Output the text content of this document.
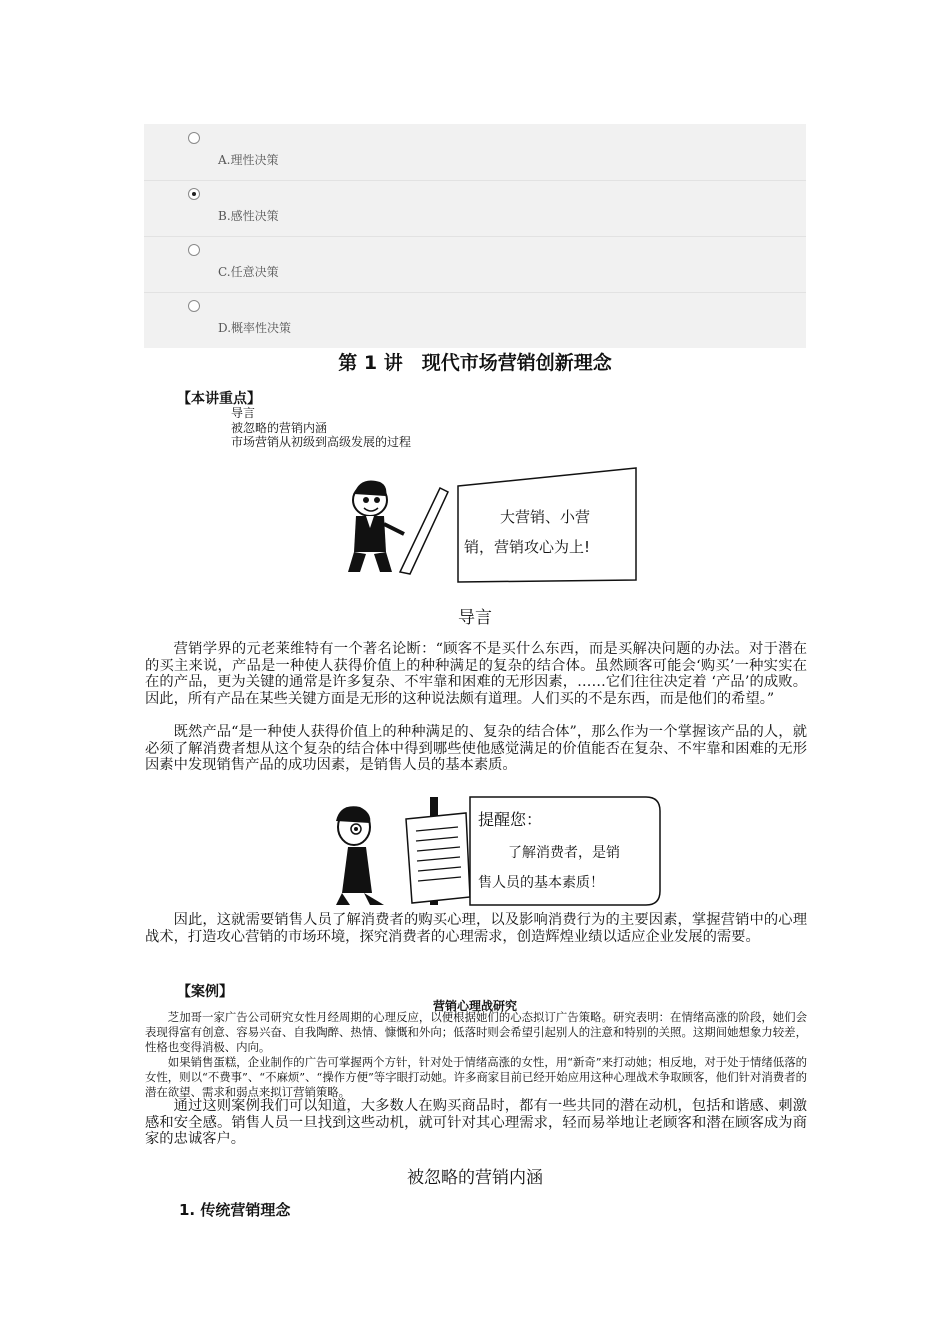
A.理性决策
B.感性决策
C.任意决策
D.概率性决策
第 1 讲　现代市场营销创新理念
【本讲重点】
导言
被忽略的营销内涵
市场营销从初级到高级发展的过程
大营销、小营
销，营销攻心为上!
导言

营销学界的元老莱维特有一个著名论断：“顾客不是买什么东西，而是买解决问题的办法。对于潜在的买主来说，产品是一种使人获得价值上的种种满足的复杂的结合体。虽然顾客可能会‘购买’一种实实在在的产品，更为关键的通常是许多复杂、不牢靠和困难的无形因素，……它们往往决定着 ‘产品’的成败。因此，所有产品在某些关键方面是无形的这种说法颇有道理。人们买的不是东西，而是他们的希望。”

既然产品“是一种使人获得价值上的种种满足的、复杂的结合体”，那么作为一个掌握该产品的人，就必须了解消费者想从这个复杂的结合体中得到哪些使他感觉满足的价值能否在复杂、不牢靠和困难的无形因素中发现销售产品的成功因素，是销售人员的基本素质。

提醒您：
了解消费者，是销
售人员的基本素质！

因此，这就需要销售人员了解消费者的购买心理，以及影响消费行为的主要因素，掌握营销中的心理战术，打造攻心营销的市场环境，探究消费者的心理需求，创造辉煌业绩以适应企业发展的需要。

【案例】
营销心理战研究

芝加哥一家广告公司研究女性月经周期的心理反应，以便根据她们的心态拟订广告策略。研究表明：在情绪高涨的阶段，她们会表现得富有创意、容易兴奋、自我陶醉、热情、慷慨和外向；低落时则会希望引起别人的注意和特别的关照。这期间她想象力较差，性格也变得消极、内向。

如果销售蛋糕，企业制作的广告可掌握两个方针，针对处于情绪高涨的女性，用“新奇”来打动她；相反地，对于处于情绪低落的女性，则以“不费事”、“不麻烦”、“操作方便”等字眼打动她。许多商家目前已经开始应用这种心理战术争取顾客，他们针对消费者的潜在欲望、需求和弱点来拟订营销策略。

通过这则案例我们可以知道，大多数人在购买商品时，都有一些共同的潜在动机，包括和谐感、刺激感和安全感。销售人员一旦找到这些动机，就可针对其心理需求，轻而易举地让老顾客和潜在顾客成为商家的忠诚客户。

被忽略的营销内涵
1. 传统营销理念
